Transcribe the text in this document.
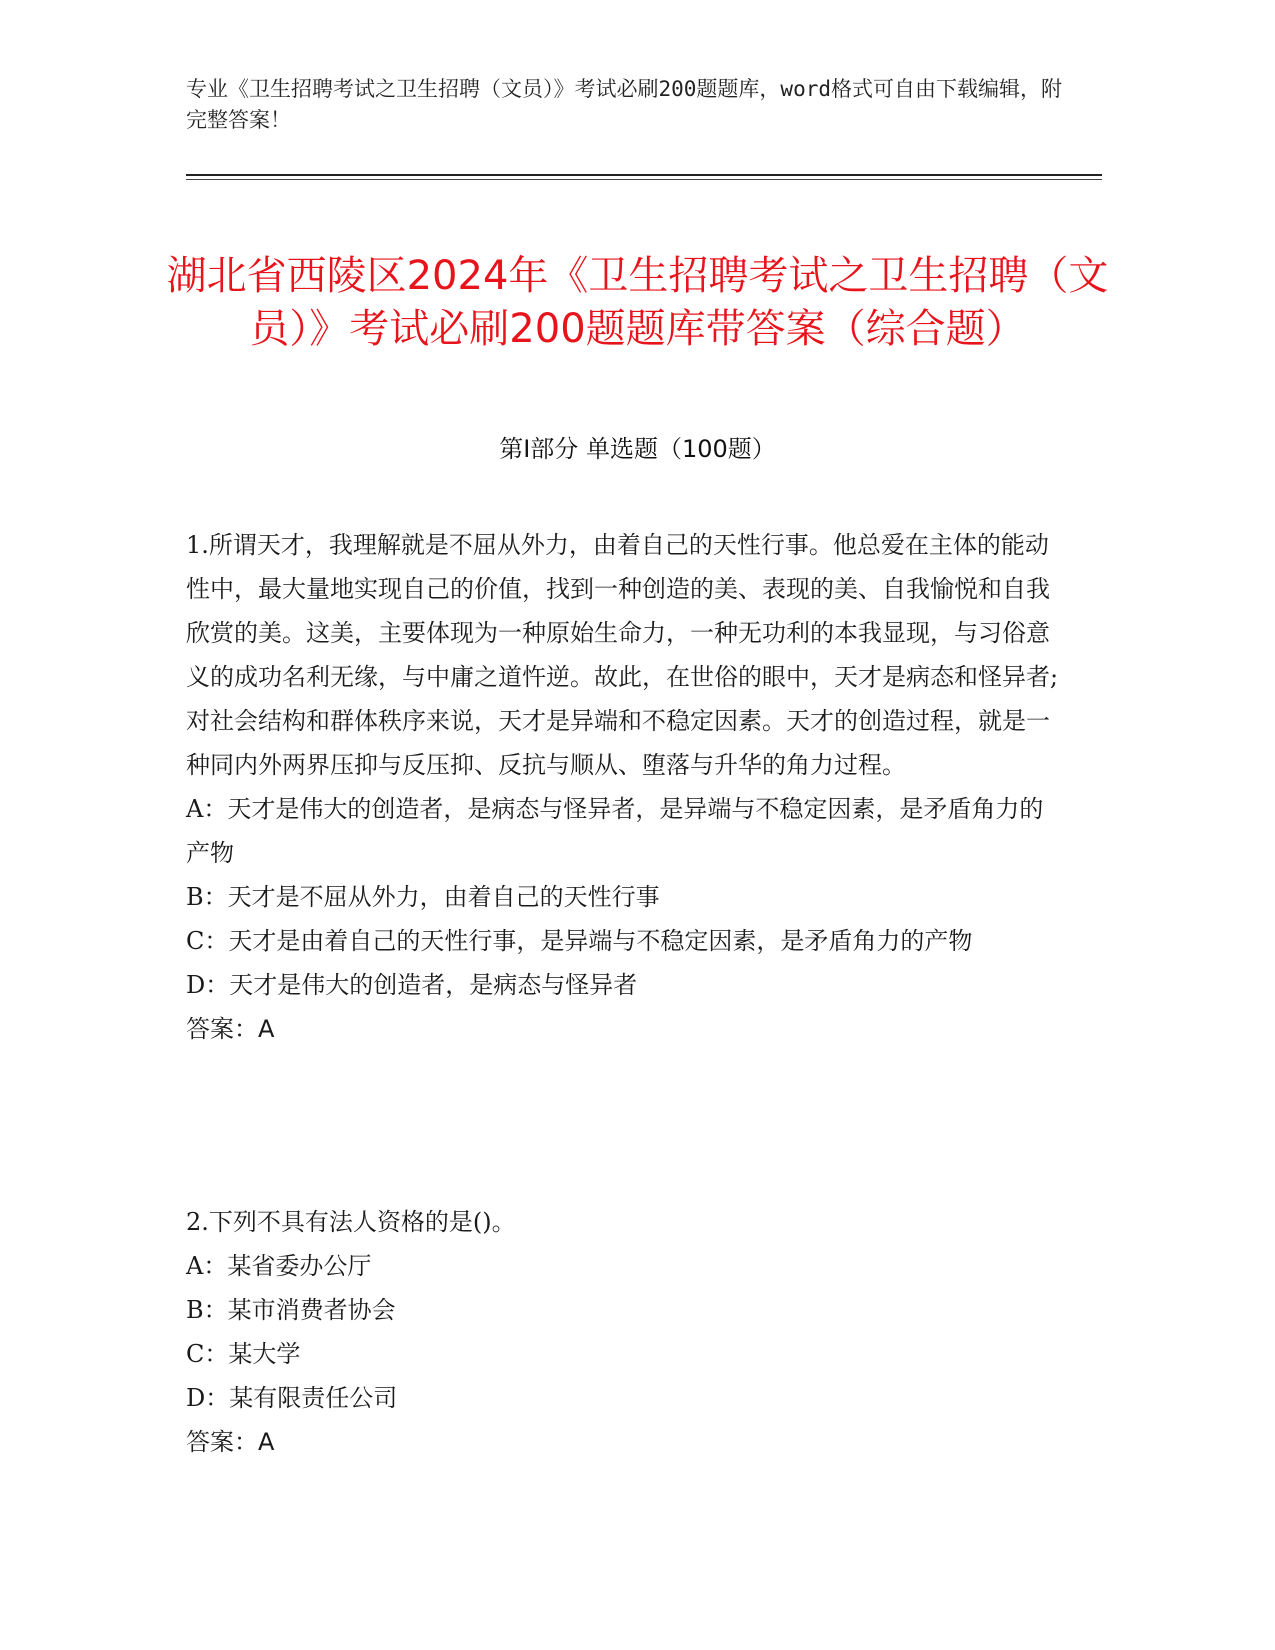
专业《卫生招聘考试之卫生招聘（文员）》考试必刷200题题库，word格式可自由下载编辑，附完整答案！
湖北省西陵区2024年《卫生招聘考试之卫生招聘（文员）》考试必刷200题题库带答案（综合题）
第Ⅰ部分 单选题（100题）

1.所谓天才，我理解就是不屈从外力，由着自己的天性行事。他总爱在主体的能动性中，最大量地实现自己的价值，找到一种创造的美、表现的美、自我愉悦和自我欣赏的美。这美，主要体现为一种原始生命力，一种无功利的本我显现，与习俗意义的成功名利无缘，与中庸之道忤逆。故此，在世俗的眼中，天才是病态和怪异者;对社会结构和群体秩序来说，天才是异端和不稳定因素。天才的创造过程，就是一种同内外两界压抑与反压抑、反抗与顺从、堕落与升华的角力过程。

A：天才是伟大的创造者，是病态与怪异者，是异端与不稳定因素，是矛盾角力的产物

B：天才是不屈从外力，由着自己的天性行事

C：天才是由着自己的天性行事，是异端与不稳定因素，是矛盾角力的产物

D：天才是伟大的创造者，是病态与怪异者

答案：A

2.下列不具有法人资格的是()。

A：某省委办公厅

B：某市消费者协会

C：某大学

D：某有限责任公司

答案：A
